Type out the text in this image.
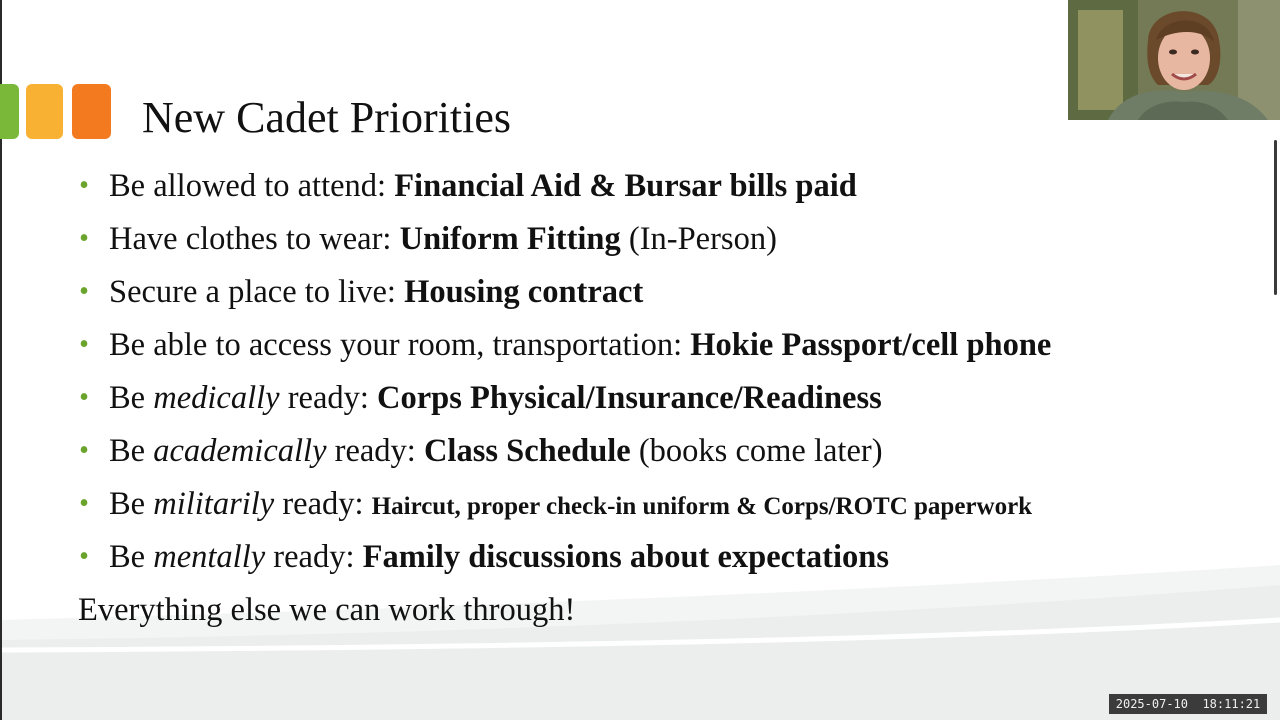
New Cadet Priorities
• Be allowed to attend: Financial Aid & Bursar bills paid
• Have clothes to wear: Uniform Fitting (In-Person)
• Secure a place to live: Housing contract
• Be able to access your room, transportation: Hokie Passport/cell phone
• Be medically ready: Corps Physical/Insurance/Readiness
• Be academically ready: Class Schedule (books come later)
• Be militarily ready: Haircut, proper check-in uniform & Corps/ROTC paperwork
• Be mentally ready: Family discussions about expectations
Everything else we can work through!
2025-07-10  18:11:21
